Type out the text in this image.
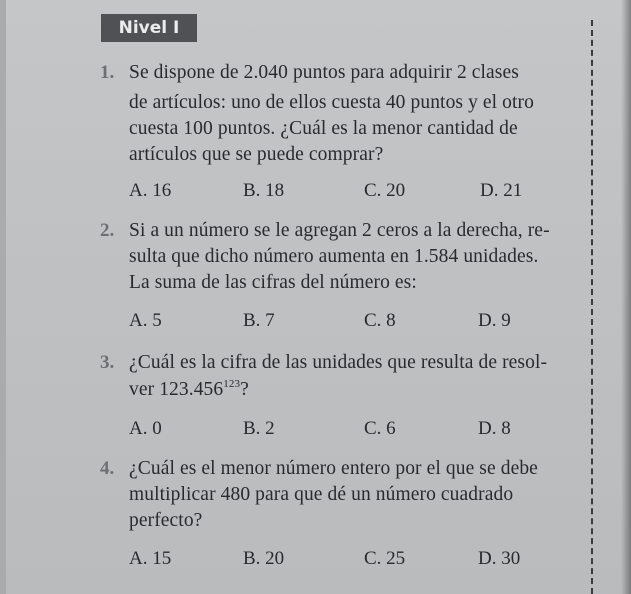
Nivel I
1. Se dispone de 2.040 puntos para adquirir 2 clases
de artículos: uno de ellos cuesta 40 puntos y el otro
cuesta 100 puntos. ¿Cuál es la menor cantidad de
artículos que se puede comprar?
A. 16	B. 18	C. 20	D. 21
2. Si a un número se le agregan 2 ceros a la derecha, re-
sulta que dicho número aumenta en 1.584 unidades.
La suma de las cifras del número es:
A. 5	B. 7	C. 8	D. 9
3. ¿Cuál es la cifra de las unidades que resulta de resol-
ver 123.456$^{123}$?
A. 0	B. 2	C. 6	D. 8
4. ¿Cuál es el menor número entero por el que se debe
multiplicar 480 para que dé un número cuadrado
perfecto?
A. 15	B. 20	C. 25	D. 30
